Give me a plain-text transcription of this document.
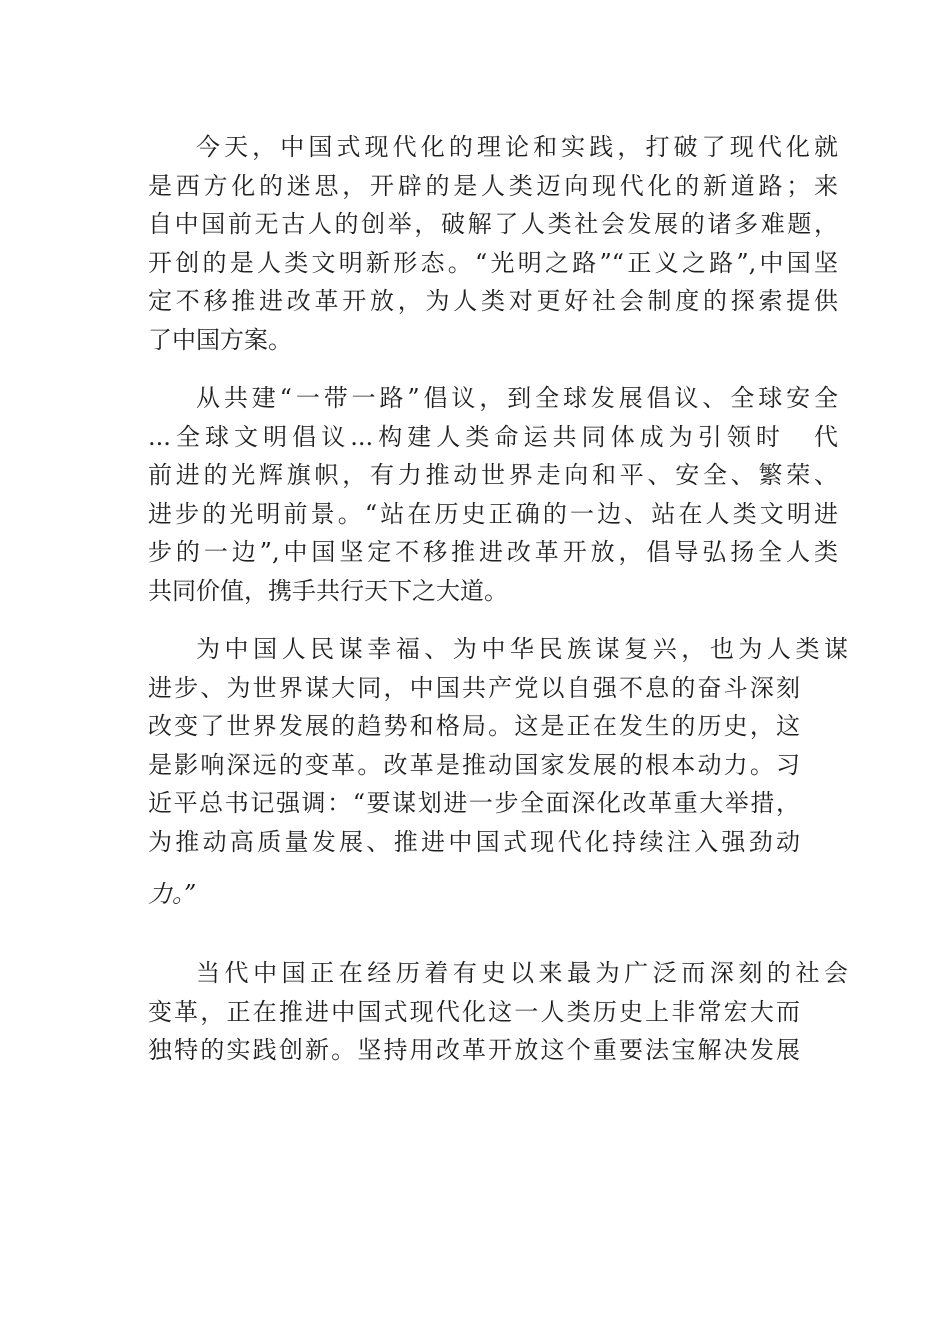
今天，中国式现代化的理论和实践，打破了现代化就
是西方化的迷思，开辟的是人类迈向现代化的新道路；来
自中国前无古人的创举，破解了人类社会发展的诸多难题，
开创的是人类文明新形态。“光明之路”“正义之路”,中国坚
定不移推进改革开放，为人类对更好社会制度的探索提供
了中国方案。

从共建“一带一路”倡议，到全球发展倡议、全球安全
...全球文明倡议...构建人类命运共同体成为引领时　代
前进的光辉旗帜，有力推动世界走向和平、安全、繁荣、
进步的光明前景。“站在历史正确的一边、站在人类文明进
步的一边”,中国坚定不移推进改革开放，倡导弘扬全人类
共同价值，携手共行天下之大道。

为中国人民谋幸福、为中华民族谋复兴，也为人类谋
进步、为世界谋大同，中国共产党以自强不息的奋斗深刻
改变了世界发展的趋势和格局。这是正在发生的历史，这
是影响深远的变革。改革是推动国家发展的根本动力。习
近平总书记强调：“要谋划进一步全面深化改革重大举措，
为推动高质量发展、推进中国式现代化持续注入强劲动
力。”

当代中国正在经历着有史以来最为广泛而深刻的社会
变革，正在推进中国式现代化这一人类历史上非常宏大而
独特的实践创新。坚持用改革开放这个重要法宝解决发展
